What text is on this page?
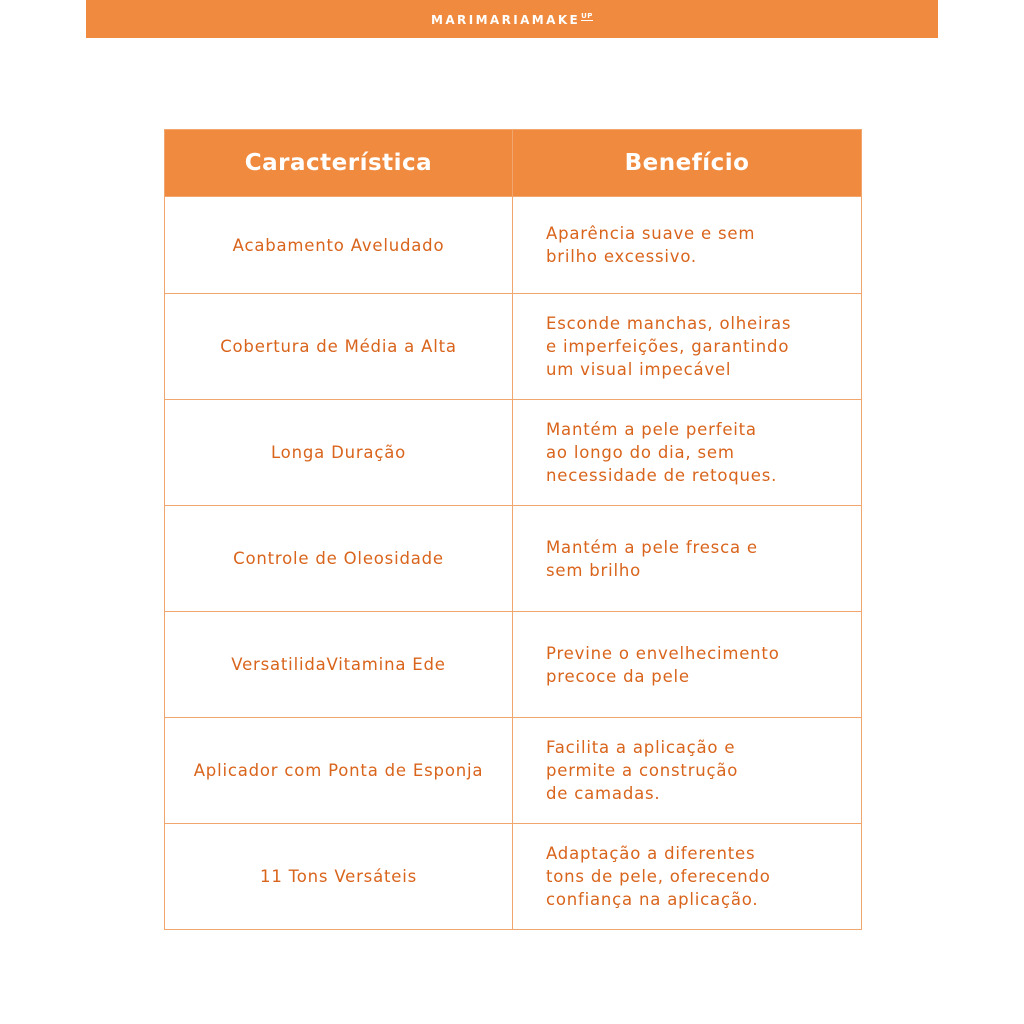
$MARIMARIAMAKE^{UP}$
Característica	Benefício
Acabamento Aveludado	Aparência suave e sem
brilho excessivo.

Cobertura de Média a Alta	Esconde manchas, olheiras
e imperfeições, garantindo
um visual impecável

Longa Duração	Mantém a pele perfeita
ao longo do dia, sem
necessidade de retoques.

Controle de Oleosidade	Mantém a pele fresca e
sem brilho

VersatilidaVitamina Ede	Previne o envelhecimento
precoce da pele

Aplicador com Ponta de Esponja	Facilita a aplicação e
permite a construção
de camadas.

11 Tons Versáteis	Adaptação a diferentes
tons de pele, oferecendo
confiança na aplicação.
